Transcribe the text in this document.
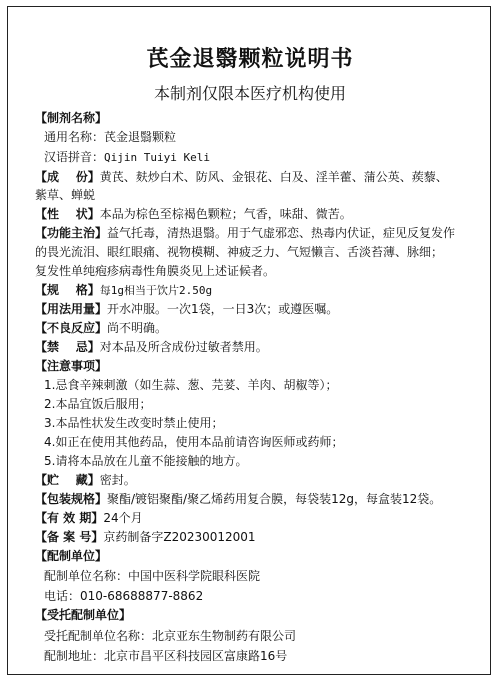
芪金退翳颗粒说明书
本制剂仅限本医疗机构使用
【制剂名称】
通用名称：芪金退翳颗粒
汉语拼音：Qijin Tuiyi Keli
【成    份】黄芪、麸炒白术、防风、金银花、白及、淫羊藿、蒲公英、蒺藜、
紫草、蝉蜕
【性    状】本品为棕色至棕褐色颗粒；气香，味甜、微苦。
【功能主治】益气托毒，清热退翳。用于气虚邪恋、热毒内伏证，症见反复发作
的畏光流泪、眼红眼痛、视物模糊、神疲乏力、气短懒言、舌淡苔薄、脉细；
复发性单纯疱疹病毒性角膜炎见上述证候者。
【规    格】每1g相当于饮片2.50g
【用法用量】开水冲服。一次1袋，一日3次；或遵医嘱。
【不良反应】尚不明确。
【禁    忌】对本品及所含成份过敏者禁用。
【注意事项】
1.忌食辛辣刺激（如生蒜、葱、芫荽、羊肉、胡椒等）；
2.本品宜饭后服用；
3.本品性状发生改变时禁止使用；
4.如正在使用其他药品，使用本品前请咨询医师或药师；
5.请将本品放在儿童不能接触的地方。
【贮    藏】密封。
【包装规格】聚酯/镀铝聚酯/聚乙烯药用复合膜，每袋装12g，每盒装12袋。
【有 效 期】24个月
【备 案 号】京药制备字Z20230012001
【配制单位】
配制单位名称：中国中医科学院眼科医院
电话：010-68688877-8862
【受托配制单位】
受托配制单位名称：北京亚东生物制药有限公司
配制地址：北京市昌平区科技园区富康路16号
